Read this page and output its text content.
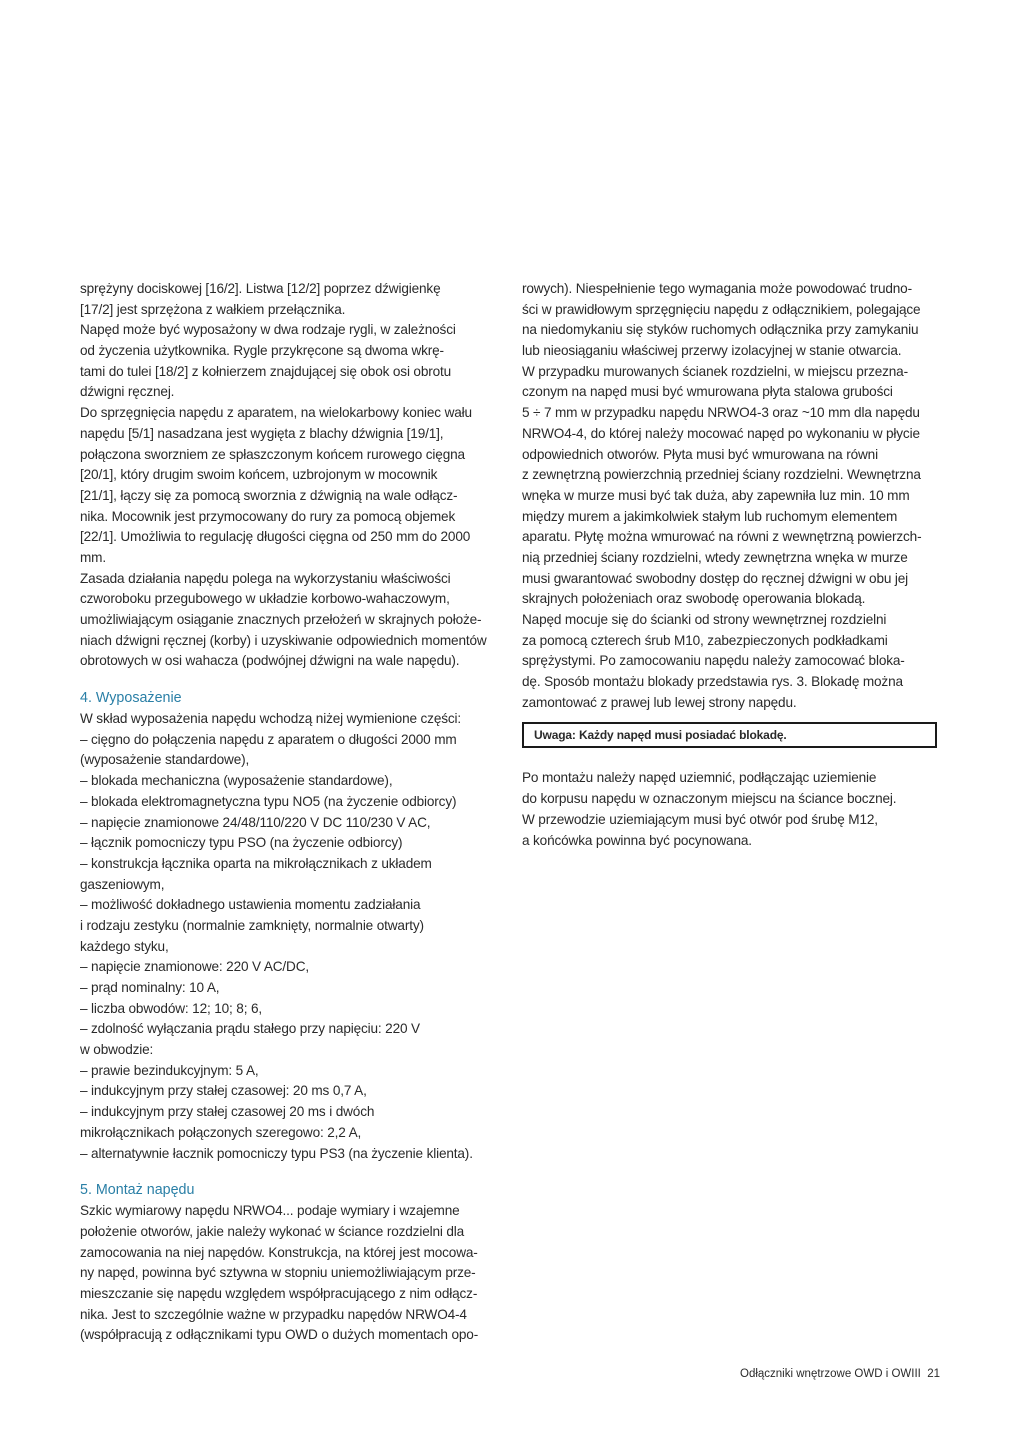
sprężyny dociskowej [16/2]. Listwa [12/2] poprzez dźwigienkę
[17/2] jest sprzężona z wałkiem przełącznika.
Napęd może być wyposażony w dwa rodzaje rygli, w zależności
od życzenia użytkownika. Rygle przykręcone są dwoma wkrę-
tami do tulei [18/2] z kołnierzem znajdującej się obok osi obrotu
dźwigni ręcznej.
Do sprzęgnięcia napędu z aparatem, na wielokarbowy koniec wału
napędu [5/1] nasadzana jest wygięta z blachy dźwignia [19/1],
połączona sworzniem ze spłaszczonym końcem rurowego cięgna
[20/1], który drugim swoim końcem, uzbrojonym w mocownik
[21/1], łączy się za pomocą sworznia z dźwignią na wale odłącz-
nika. Mocownik jest przymocowany do rury za pomocą objemek
[22/1]. Umożliwia to regulację długości cięgna od 250 mm do 2000
mm.
Zasada działania napędu polega na wykorzystaniu właściwości
czworoboku przegubowego w układzie korbowo-wahaczowym,
umożliwiającym osiąganie znacznych przełożeń w skrajnych położe-
niach dźwigni ręcznej (korby) i uzyskiwanie odpowiednich momentów
obrotowych w osi wahacza (podwójnej dźwigni na wale napędu).
4. Wyposażenie
W skład wyposażenia napędu wchodzą niżej wymienione części:
– cięgno do połączenia napędu z aparatem o długości 2000 mm
(wyposażenie standardowe),
– blokada mechaniczna (wyposażenie standardowe),
– blokada elektromagnetyczna typu NO5 (na życzenie odbiorcy)
– napięcie znamionowe 24/48/110/220 V DC 110/230 V AC,
– łącznik pomocniczy typu PSO (na życzenie odbiorcy)
– konstrukcja łącznika oparta na mikrołącznikach z układem
gaszeniowym,
– możliwość dokładnego ustawienia momentu zadziałania
i rodzaju zestyku (normalnie zamknięty, normalnie otwarty)
każdego styku,
– napięcie znamionowe: 220 V AC/DC,
– prąd nominalny: 10 A,
– liczba obwodów: 12; 10; 8; 6,
– zdolność wyłączania prądu stałego przy napięciu: 220 V
w obwodzie:
– prawie bezindukcyjnym: 5 A,
– indukcyjnym przy stałej czasowej: 20 ms 0,7 A,
– indukcyjnym przy stałej czasowej 20 ms i dwóch
mikrołącznikach połączonych szeregowo: 2,2 A,
– alternatywnie łacznik pomocniczy typu PS3 (na życzenie klienta).
5. Montaż napędu
Szkic wymiarowy napędu NRWO4... podaje wymiary i wzajemne
położenie otworów, jakie należy wykonać w ściance rozdzielni dla
zamocowania na niej napędów. Konstrukcja, na której jest mocowa-
ny napęd, powinna być sztywna w stopniu uniemożliwiającym prze-
mieszczanie się napędu względem współpracującego z nim odłącz-
nika. Jest to szczególnie ważne w przypadku napędów NRWO4-4
(współpracują z odłącznikami typu OWD o dużych momentach opo-
rowych). Niespełnienie tego wymagania może powodować trudno-
ści w prawidłowym sprzęgnięciu napędu z odłącznikiem, polegające
na niedomykaniu się styków ruchomych odłącznika przy zamykaniu
lub nieosiąganiu właściwej przerwy izolacyjnej w stanie otwarcia.
W przypadku murowanych ścianek rozdzielni, w miejscu przezna-
czonym na napęd musi być wmurowana płyta stalowa grubości
5 ÷ 7 mm w przypadku napędu NRWO4-3 oraz ~10 mm dla napędu
NRWO4-4, do której należy mocować napęd po wykonaniu w płycie
odpowiednich otworów. Płyta musi być wmurowana na równi
z zewnętrzną powierzchnią przedniej ściany rozdzielni. Wewnętrzna
wnęka w murze musi być tak duża, aby zapewniła luz min. 10 mm
między murem a jakimkolwiek stałym lub ruchomym elementem
aparatu. Płytę można wmurować na równi z wewnętrzną powierzch-
nią przedniej ściany rozdzielni, wtedy zewnętrzna wnęka w murze
musi gwarantować swobodny dostęp do ręcznej dźwigni w obu jej
skrajnych położeniach oraz swobodę operowania blokadą.
Napęd mocuje się do ścianki od strony wewnętrznej rozdzielni
za pomocą czterech śrub M10, zabezpieczonych podkładkami
sprężystymi. Po zamocowaniu napędu należy zamocować bloka-
dę. Sposób montażu blokady przedstawia rys. 3. Blokadę można
zamontować z prawej lub lewej strony napędu.
Uwaga: Każdy napęd musi posiadać blokadę.
Po montażu należy napęd uziemnić, podłączając uziemienie
do korpusu napędu w oznaczonym miejscu na ściance bocznej.
W przewodzie uziemiającym musi być otwór pod śrubę M12,
a końcówka powinna być pocynowana.
Odłączniki wnętrzowe OWD i OWIII 21
